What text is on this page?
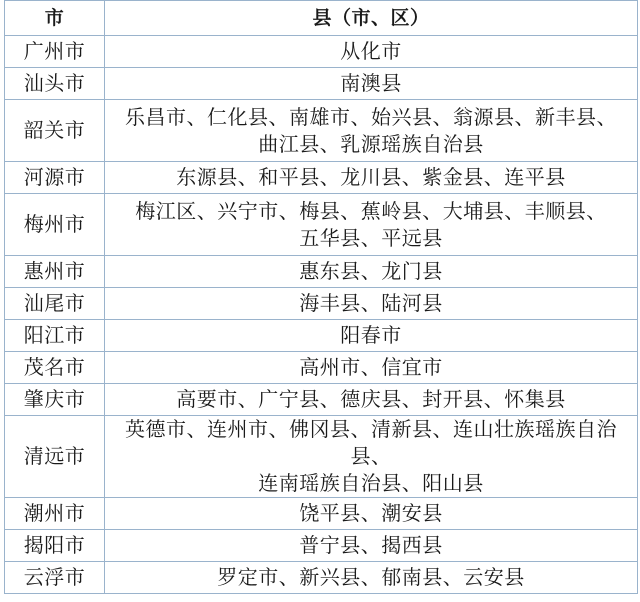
市	县（市、区）
广州市	从化市

汕头市	南澳县

韶关市	乐昌市、仁化县、南雄市、始兴县、翁源县、新丰县、
曲江县、乳源瑶族自治县

河源市	东源县、和平县、龙川县、紫金县、连平县

梅州市	梅江区、兴宁市、梅县、蕉岭县、大埔县、丰顺县、
五华县、平远县

惠州市	惠东县、龙门县

汕尾市	海丰县、陆河县

阳江市	阳春市

茂名市	高州市、信宜市

肇庆市	高要市、广宁县、德庆县、封开县、怀集县

清远市	英德市、连州市、佛冈县、清新县、连山壮族瑶族自治县、
连南瑶族自治县、阳山县

潮州市	饶平县、潮安县

揭阳市	普宁县、揭西县

云浮市	罗定市、新兴县、郁南县、云安县
